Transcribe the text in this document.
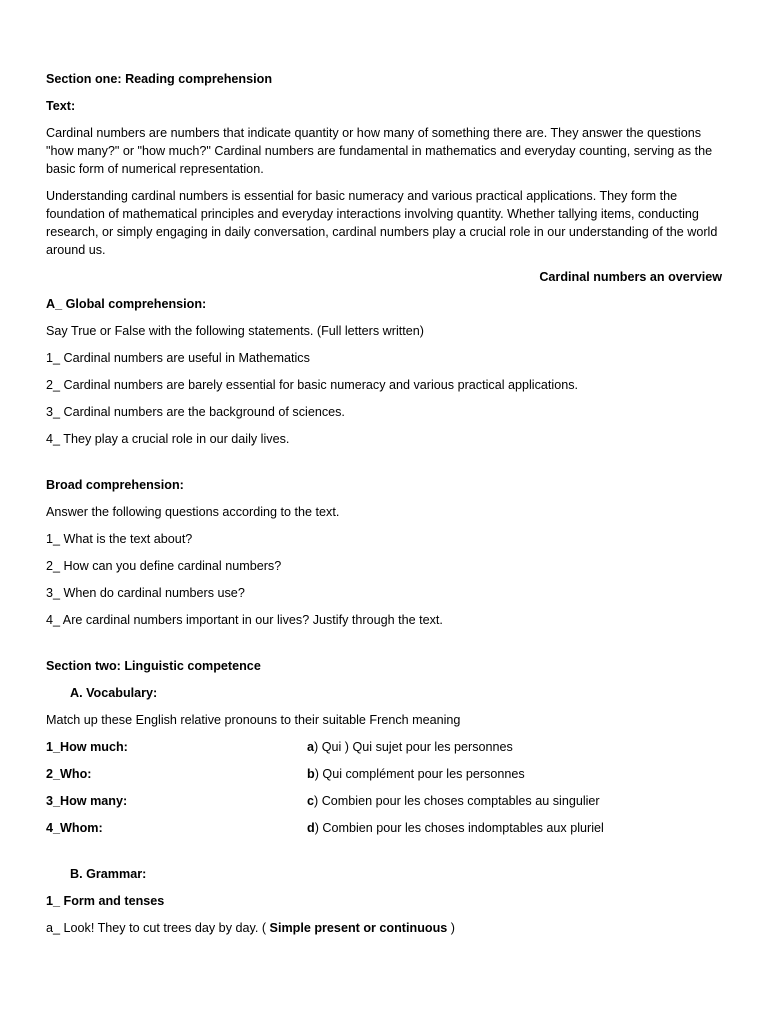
Section one: Reading comprehension

Text:

Cardinal numbers are numbers that indicate quantity or how many of something there are. They answer the questions "how many?" or "how much?" Cardinal numbers are fundamental in mathematics and everyday counting, serving as the basic form of numerical representation.

Understanding cardinal numbers is essential for basic numeracy and various practical applications. They form the foundation of mathematical principles and everyday interactions involving quantity. Whether tallying items, conducting research, or simply engaging in daily conversation, cardinal numbers play a crucial role in our understanding of the world around us.

Cardinal numbers an overview

A_ Global comprehension:

Say True or False with the following statements. (Full letters written)

1_ Cardinal numbers are useful in Mathematics

2_ Cardinal numbers are barely essential for basic numeracy and various practical applications.

3_ Cardinal numbers are the background of sciences.

4_ They play a crucial role in our daily lives.

Broad comprehension:

Answer the following questions according to the text.

1_ What is the text about?

2_ How can you define cardinal numbers?

3_ When do cardinal numbers use?

4_ Are cardinal numbers important in our lives? Justify through the text.

Section two: Linguistic competence

A. Vocabulary:

Match up these English relative pronouns to their suitable French meaning

1_How much:	a) Qui ) Qui sujet pour les personnes
2_Who:	b) Qui complément pour les personnes
3_How many:	c) Combien pour les choses comptables au singulier
4_Whom:	d) Combien pour les choses indomptables aux pluriel

B. Grammar:

1_ Form and tenses

a_ Look! They to cut trees day by day. ( Simple present or continuous )
